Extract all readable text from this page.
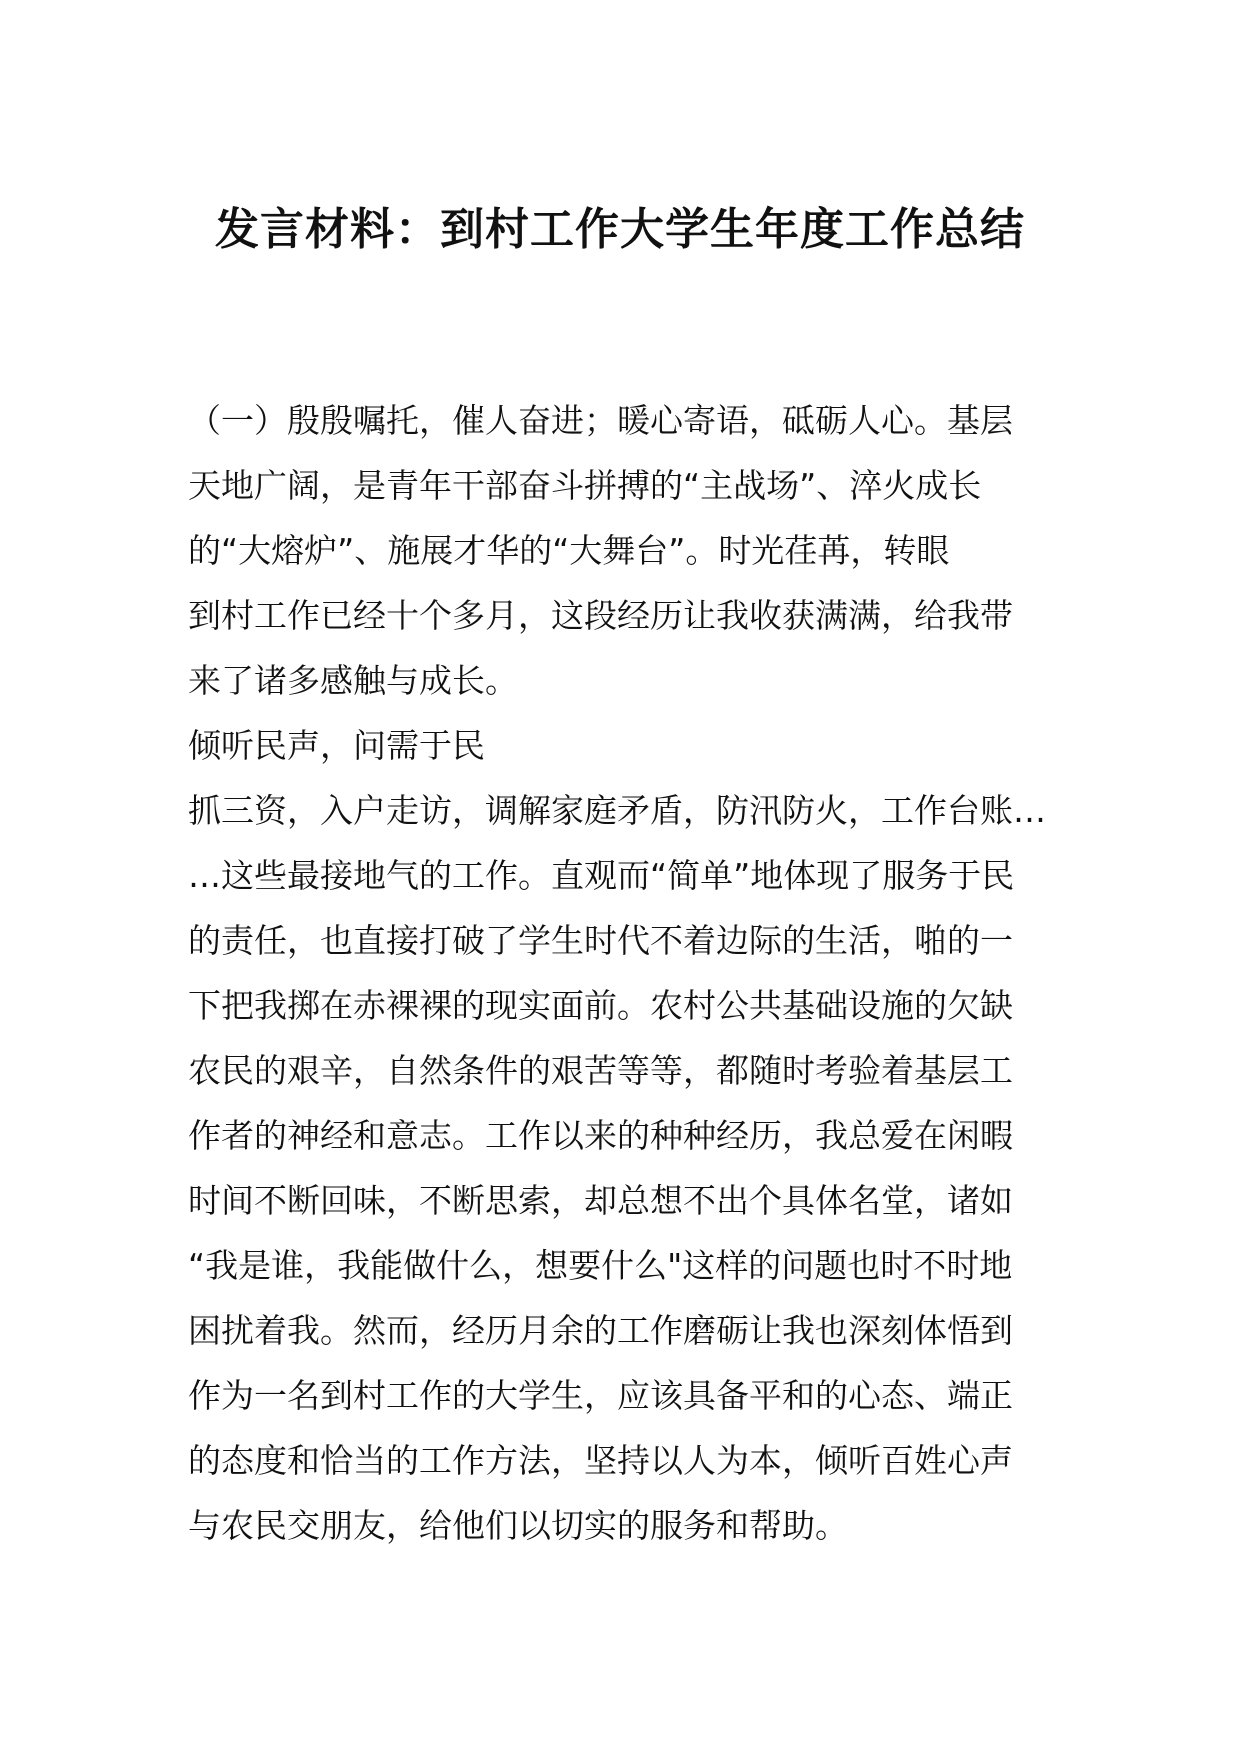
发言材料：到村工作大学生年度工作总结
（一）殷殷嘱托，催人奋进；暖心寄语，砥砺人心。基层
天地广阔，是青年干部奋斗拼搏的“主战场”、淬火成长
的“大熔炉”、施展才华的“大舞台”。时光荏苒，转眼
到村工作已经十个多月，这段经历让我收获满满，给我带
来了诸多感触与成长。
倾听民声，问需于民
抓三资，入户走访，调解家庭矛盾，防汛防火，工作台账…
…这些最接地气的工作。直观而“简单”地体现了服务于民
的责任，也直接打破了学生时代不着边际的生活，啪的一
下把我掷在赤裸裸的现实面前。农村公共基础设施的欠缺
农民的艰辛，自然条件的艰苦等等，都随时考验着基层工
作者的神经和意志。工作以来的种种经历，我总爱在闲暇
时间不断回味，不断思索，却总想不出个具体名堂，诸如
“我是谁，我能做什么，想要什么"这样的问题也时不时地
困扰着我。然而，经历月余的工作磨砺让我也深刻体悟到
作为一名到村工作的大学生，应该具备平和的心态、端正
的态度和恰当的工作方法，坚持以人为本，倾听百姓心声
与农民交朋友，给他们以切实的服务和帮助。
